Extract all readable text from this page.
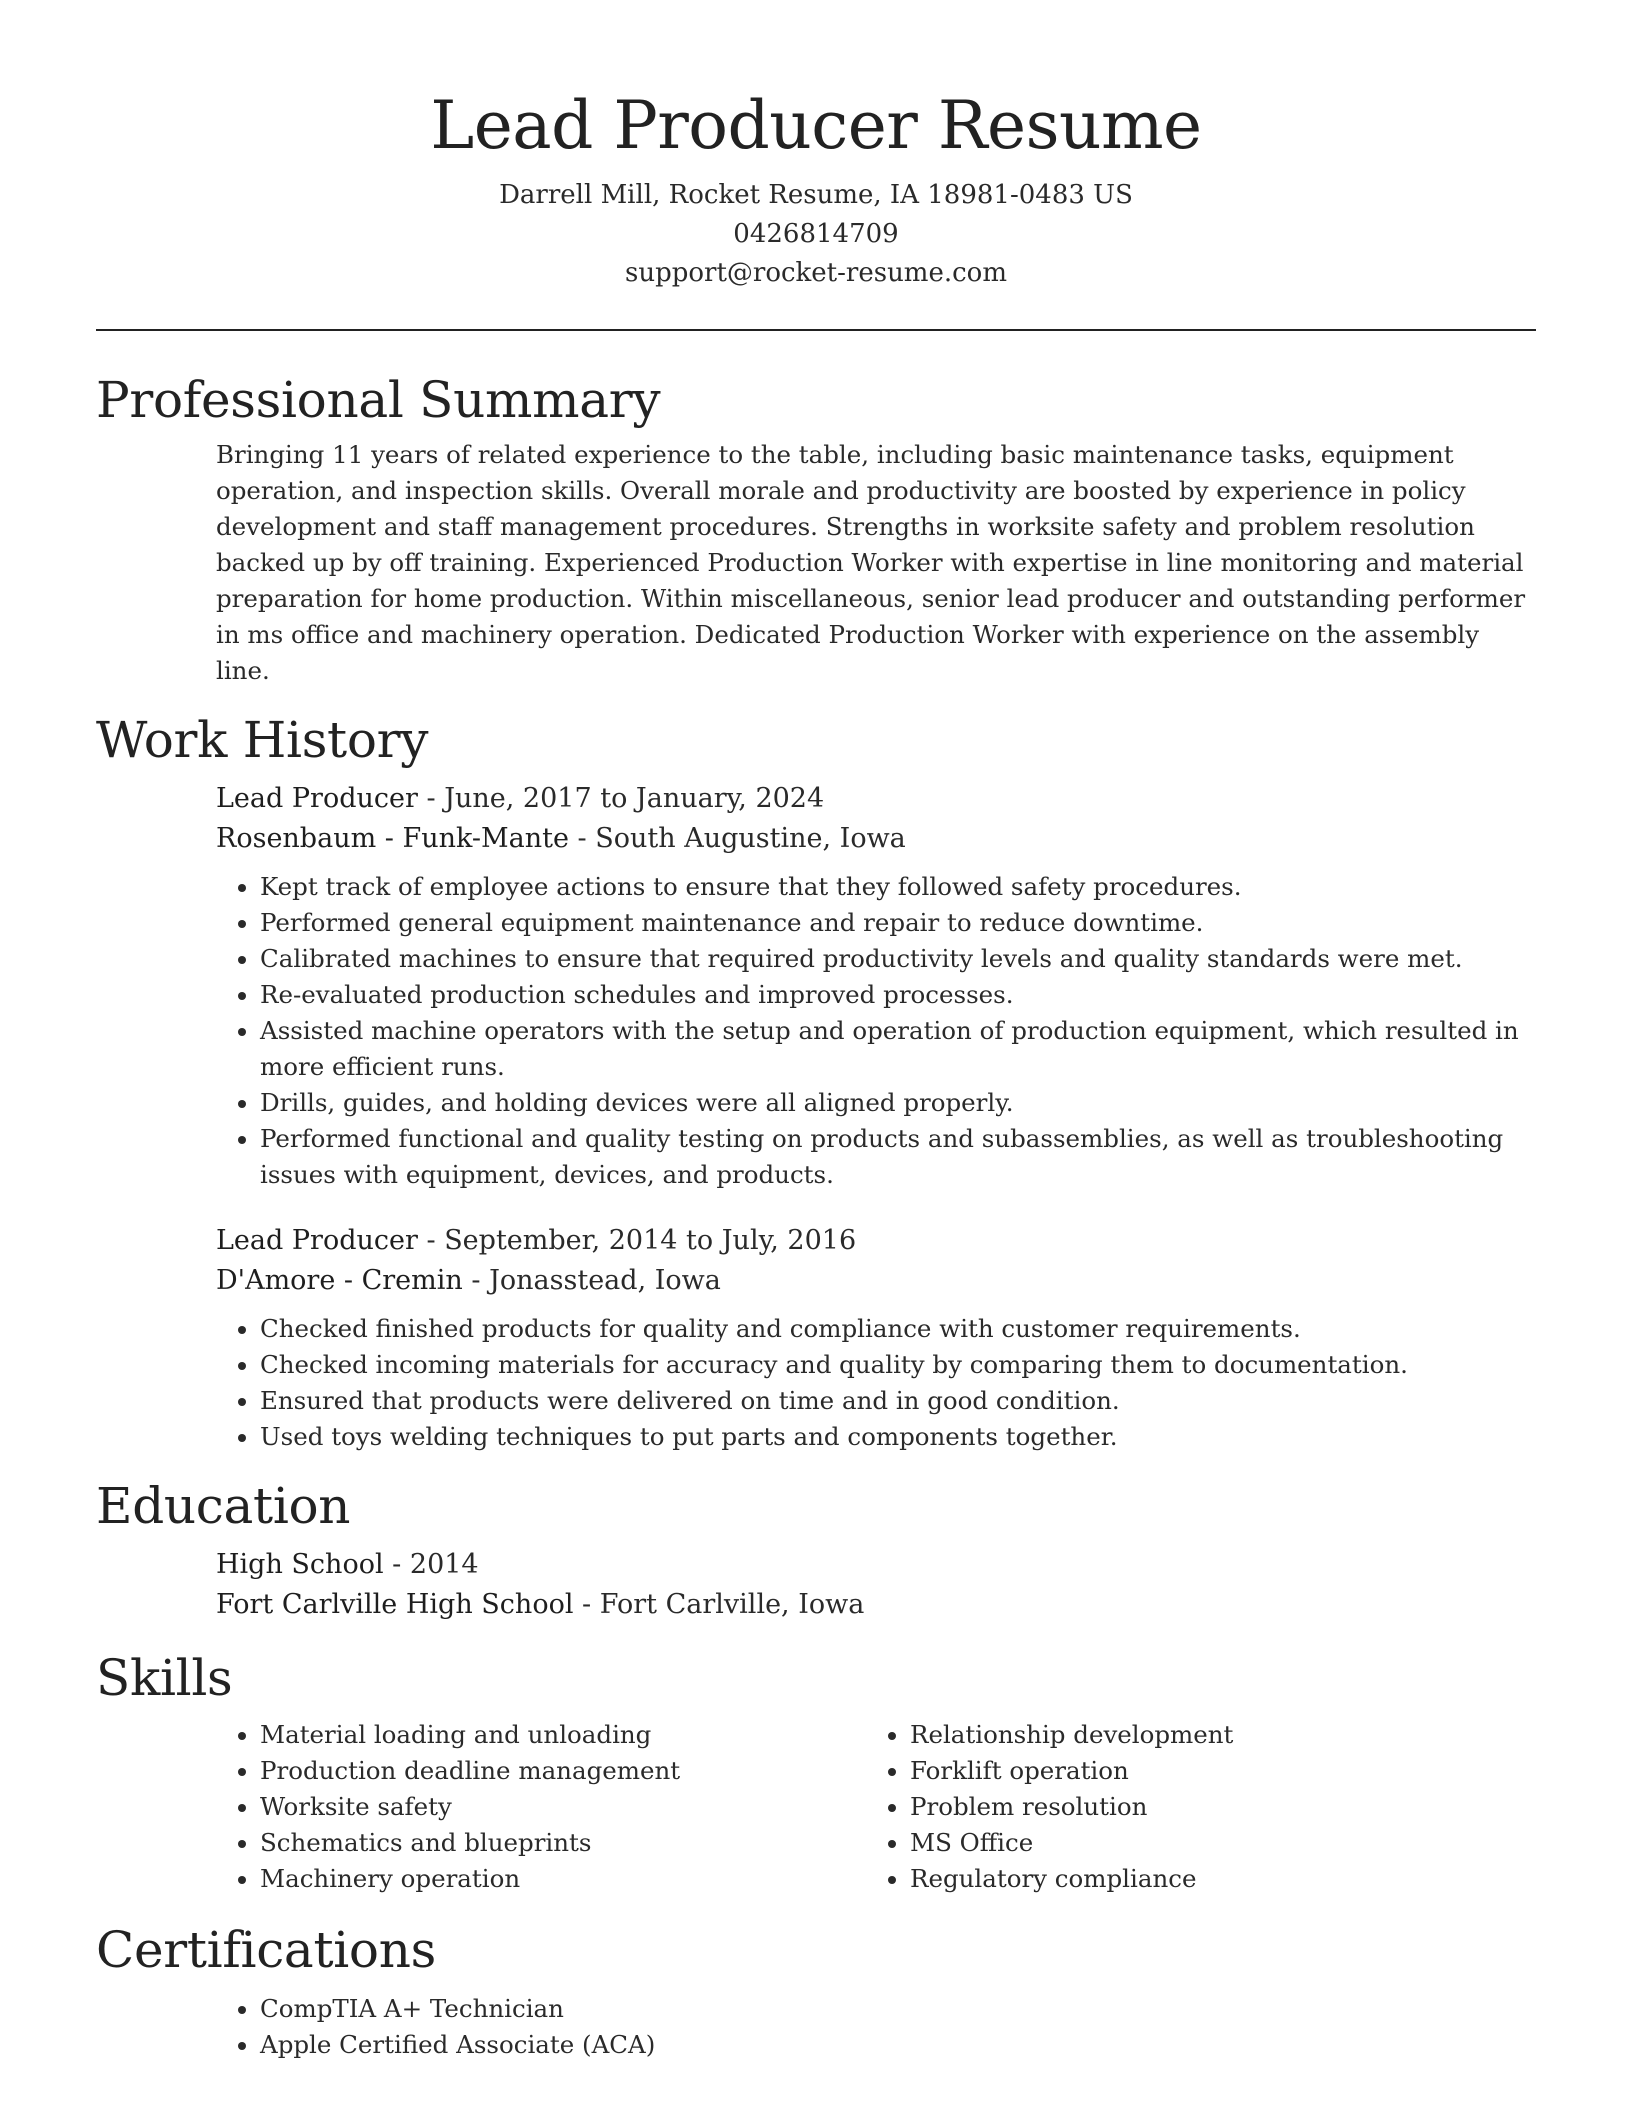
Lead Producer Resume
Darrell Mill, Rocket Resume, IA 18981-0483 US
0426814709
support@rocket-resume.com
Professional Summary
Bringing 11 years of related experience to the table, including basic maintenance tasks, equipment operation, and inspection skills. Overall morale and productivity are boosted by experience in policy development and staff management procedures. Strengths in worksite safety and problem resolution backed up by off training. Experienced Production Worker with expertise in line monitoring and material preparation for home production. Within miscellaneous, senior lead producer and outstanding performer in ms office and machinery operation. Dedicated Production Worker with experience on the assembly line.
Work History
Lead Producer - June, 2017 to January, 2024
Rosenbaum - Funk-Mante - South Augustine, Iowa
• Kept track of employee actions to ensure that they followed safety procedures.
• Performed general equipment maintenance and repair to reduce downtime.
• Calibrated machines to ensure that required productivity levels and quality standards were met.
• Re-evaluated production schedules and improved processes.
• Assisted machine operators with the setup and operation of production equipment, which resulted in more efficient runs.
• Drills, guides, and holding devices were all aligned properly.
• Performed functional and quality testing on products and subassemblies, as well as troubleshooting issues with equipment, devices, and products.
Lead Producer - September, 2014 to July, 2016
D'Amore - Cremin - Jonasstead, Iowa
• Checked finished products for quality and compliance with customer requirements.
• Checked incoming materials for accuracy and quality by comparing them to documentation.
• Ensured that products were delivered on time and in good condition.
• Used toys welding techniques to put parts and components together.
Education
High School - 2014
Fort Carlville High School - Fort Carlville, Iowa
Skills
• Material loading and unloading
• Production deadline management
• Worksite safety
• Schematics and blueprints
• Machinery operation
• Relationship development
• Forklift operation
• Problem resolution
• MS Office
• Regulatory compliance
Certifications
• CompTIA A+ Technician
• Apple Certified Associate (ACA)
